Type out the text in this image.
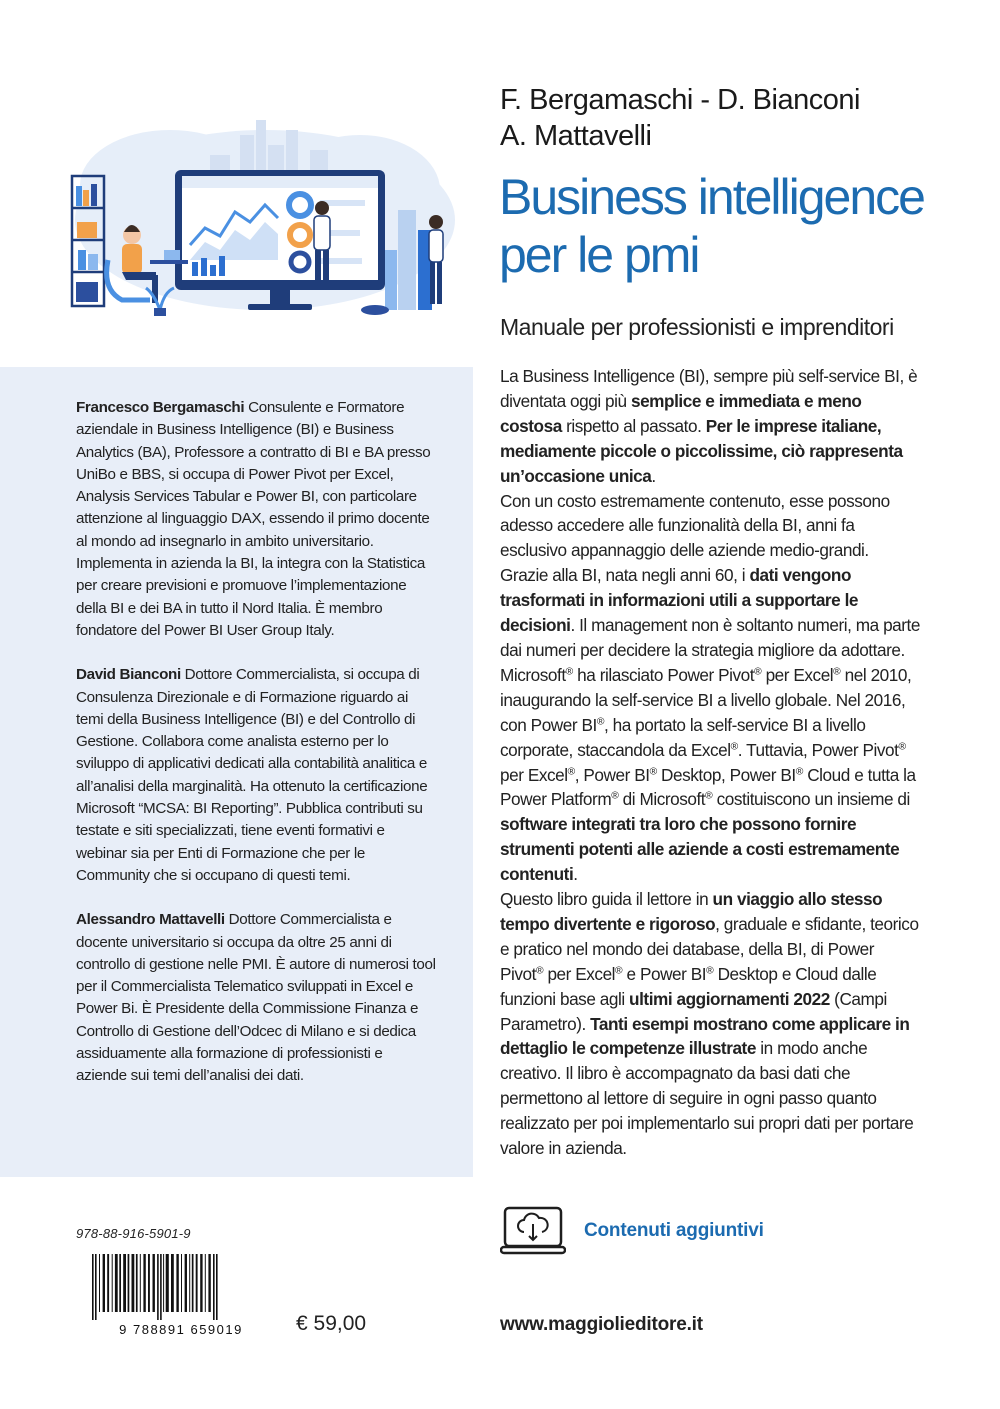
Francesco Bergamaschi Consulente e Formatore aziendale in Business Intelligence (BI) e Business Analytics (BA), Professore a contratto di BI e BA presso UniBo e BBS, si occupa di Power Pivot per Excel, Analysis Services Tabular e Power BI, con particolare attenzione al linguaggio DAX, essendo il primo docente al mondo ad insegnarlo in ambito universitario. Implementa in azienda la BI, la integra con la Statistica per creare previsioni e promuove l’implementazione della BI e dei BA in tutto il Nord Italia. È membro fondatore del Power BI User Group Italy.

David Bianconi Dottore Commercialista, si occupa di Consulenza Direzionale e di Formazione riguardo ai temi della Business Intelligence (BI) e del Controllo di Gestione. Collabora come analista esterno per lo sviluppo di applicativi dedicati alla contabilità analitica e all’analisi della marginalità. Ha ottenuto la certificazione Microsoft “MCSA: BI Reporting”. Pubblica contributi su testate e siti specializzati, tiene eventi formativi e webinar sia per Enti di Formazione che per le Community che si occupano di questi temi.

Alessandro Mattavelli Dottore Commercialista e docente universitario si occupa da oltre 25 anni di controllo di gestione nelle PMI. È autore di numerosi tool per il Commercialista Telematico sviluppati in Excel e Power Bi. È Presidente della Commissione Finanza e Controllo di Gestione dell’Odcec di Milano e si dedica assiduamente alla formazione di professionisti e aziende sui temi dell’analisi dei dati.

F. Bergamaschi - D. Bianconi
A. Mattavelli
Business intelligence
per le pmi
Manuale per professionisti e imprenditori

La Business Intelligence (BI), sempre più self-service BI, è diventata oggi più semplice e immediata e meno costosa rispetto al passato. Per le imprese italiane, mediamente piccole o piccolissime, ciò rappresenta un’occasione unica.

Con un costo estremamente contenuto, esse possono adesso accedere alle funzionalità della BI, anni fa esclusivo appannaggio delle aziende medio-grandi. Grazie alla BI, nata negli anni 60, i dati vengono trasformati in informazioni utili a supportare le decisioni. Il management non è soltanto numeri, ma parte dai numeri per decidere la strategia migliore da adottare. Microsoft® ha rilasciato Power Pivot® per Excel® nel 2010, inaugurando la self-service BI a livello globale. Nel 2016, con Power BI®, ha portato la self-service BI a livello corporate, staccandola da Excel®. Tuttavia, Power Pivot® per Excel®, Power BI® Desktop, Power BI® Cloud e tutta la Power Platform® di Microsoft® costituiscono un insieme di software integrati tra loro che possono fornire strumenti potenti alle aziende a costi estremamente contenuti.

Questo libro guida il lettore in un viaggio allo stesso tempo divertente e rigoroso, graduale e sfidante, teorico e pratico nel mondo dei database, della BI, di Power Pivot® per Excel® e Power BI® Desktop e Cloud dalle funzioni base agli ultimi aggiornamenti 2022 (Campi Parametro). Tanti esempi mostrano come applicare in dettaglio le competenze illustrate in modo anche creativo. Il libro è accompagnato da basi dati che permettono al lettore di seguire in ogni passo quanto realizzato per poi implementarlo sui propri dati per portare valore in azienda.

Contenuti aggiuntivi
978-88-916-5901-9
9 788891 659019	€ 59,00	www.maggiolieditore.it
